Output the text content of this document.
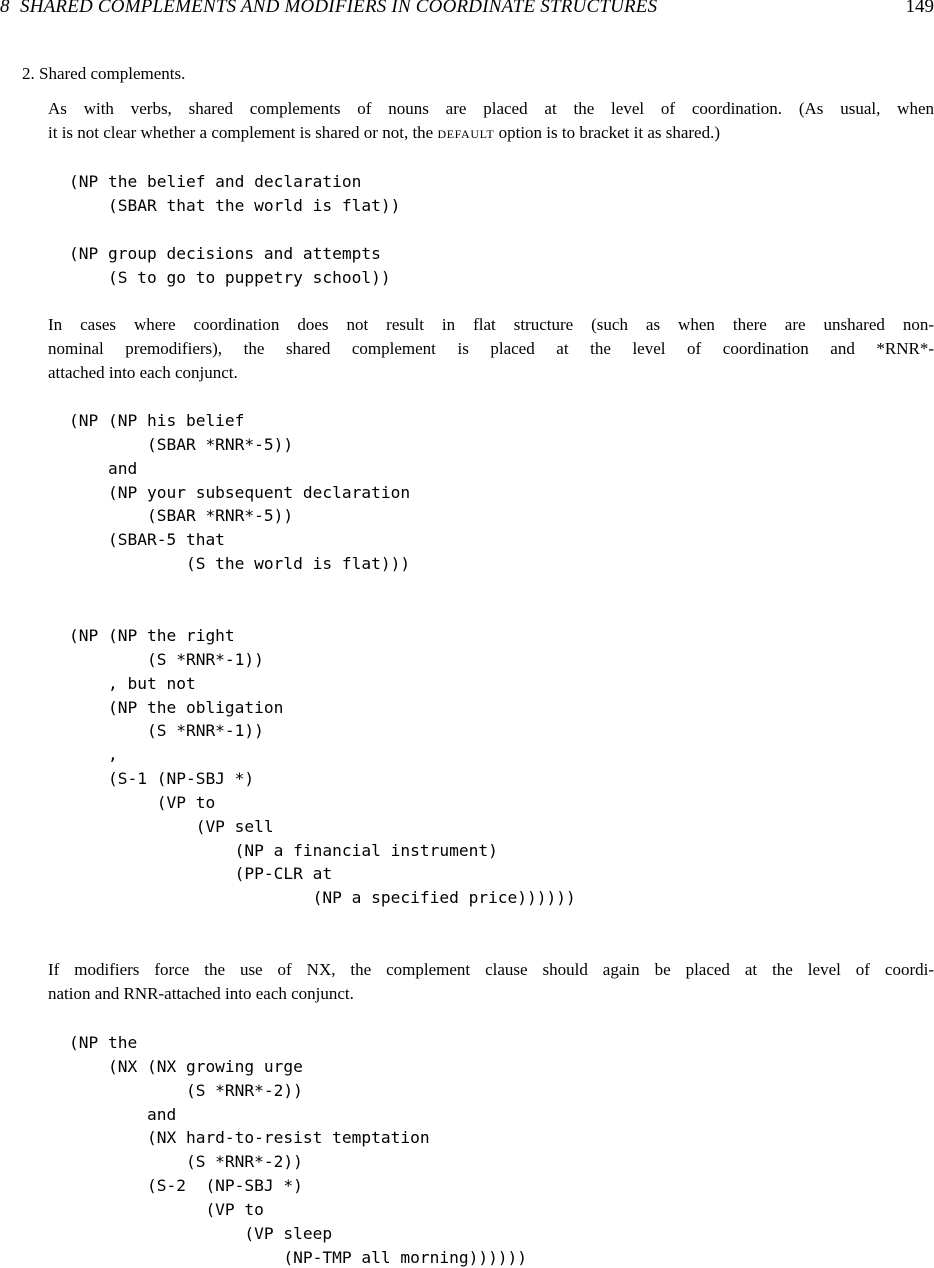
8 SHARED COMPLEMENTS AND MODIFIERS IN COORDINATE STRUCTURES	149
2. Shared complements.
As with verbs, shared complements of nouns are placed at the level of coordination. (As usual, when
it is not clear whether a complement is shared or not, the default option is to bracket it as shared.)
(NP the belief and declaration
(SBAR that the world is flat))
(NP group decisions and attempts
(S to go to puppetry school))
In cases where coordination does not result in flat structure (such as when there are unshared non-
nominal premodifiers), the shared complement is placed at the level of coordination and *RNR*-
attached into each conjunct.
(NP (NP his belief
(SBAR *RNR*-5))
and
(NP your subsequent declaration
(SBAR *RNR*-5))
(SBAR-5 that
(S the world is flat)))
(NP (NP the right
(S *RNR*-1))
, but not
(NP the obligation
(S *RNR*-1))
,
(S-1 (NP-SBJ *)
(VP to
(VP sell
(NP a financial instrument)
(PP-CLR at
(NP a specified price))))))
If modifiers force the use of NX, the complement clause should again be placed at the level of coordi-
nation and RNR-attached into each conjunct.
(NP the
(NX (NX growing urge
(S *RNR*-2))
and
(NX hard-to-resist temptation
(S *RNR*-2))
(S-2  (NP-SBJ *)
(VP to
(VP sleep
(NP-TMP all morning))))))
